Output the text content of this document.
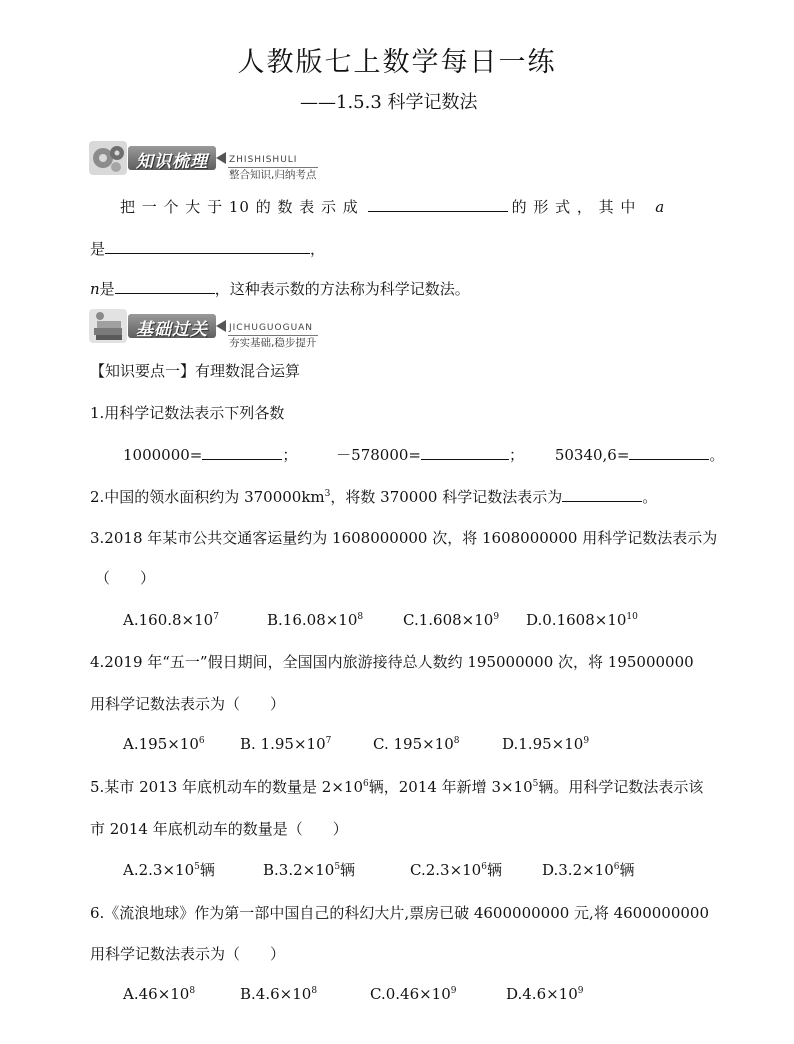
人教版七上数学每日一练
——1.5.3 科学记数法
知识梳理 ZHISHISHULI
整合知识,归纳考点
把 一 个 大 于 10 的 数 表 示 成	的 形 式 ， 其 中 a
是	，
n是	，这种表示数的方法称为科学记数法。
基础过关 JICHUGUOGUAN
夯实基础,稳步提升
【知识要点一】有理数混合运算
1.用科学记数法表示下列各数
1000000=	；	－578000=	； 50340,6=	。
2.中国的领水面积约为 $370000km^3$，将数 370000 科学记数法表示为	。
3.2018 年某市公共交通客运量约为 1608000000 次，将 1608000000 用科学记数法表示为
（　　）
$A.160.8\times 10^7$	$B.16.08\times 10^8$	$C.1.608\times 10^9$ $D.0.1608\times 10^{10}$
4.2019 年“五一”假日期间，全国国内旅游接待总人数约 195000000 次，将 195000000
用科学记数法表示为（　　）
$A.195\times 10^6$ B. $1.95\times 10^7$	C. $195\times 10^8$	$D.1.95\times 10^9$
5.某市 2013 年底机动车的数量是 $2\times 10^6$辆，2014 年新增 $3\times 10^5$辆。用科学记数法表示该
市 2014 年底机动车的数量是（　　）
$A.2.3\times 10^5$辆	$B.3.2\times 10^5$辆	$C.2.3\times 10^6$辆	$D.3.2\times 10^6$辆
6.《流浪地球》作为第一部中国自己的科幻大片,票房已破 4600000000 元,将 4600000000
用科学记数法表示为（　　）
$A.46\times 10^8$	$B.4.6\times 10^8$	$C.0.46\times 10^9$	$D.4.6\times 10^9$
